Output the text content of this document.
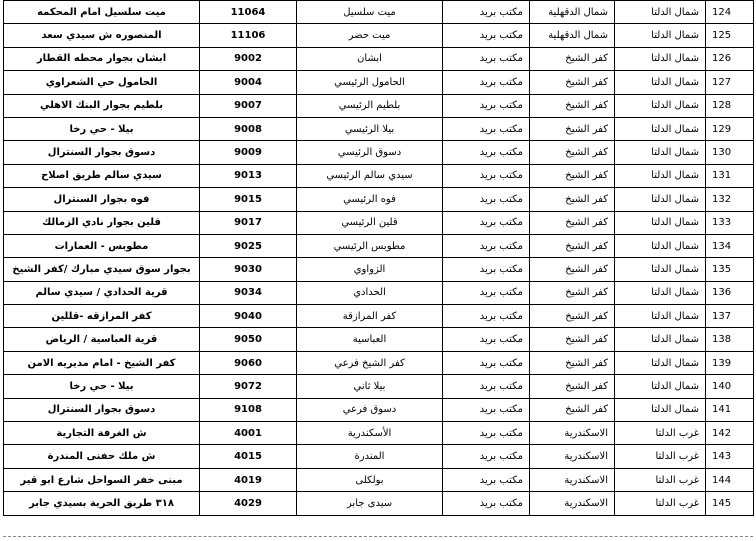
124	شمال الدلتا	شمال الدقهلية	مكتب بريد	ميت سلسيل	11064	ميت سلسيل امام المحكمه
125	شمال الدلتا	شمال الدقهلية	مكتب بريد	ميت حضر	11106	المنصوره ش سيدي سعد
126	شمال الدلتا	كفر الشيخ	مكتب بريد	ابشان	9002	ابشان بجوار محطه القطار
127	شمال الدلتا	كفر الشيخ	مكتب بريد	الحامول الرئيسي	9004	الحامول حي الشعراوي
128	شمال الدلتا	كفر الشيخ	مكتب بريد	بلطيم الرئيسي	9007	بلطيم بجوار البنك الاهلي
129	شمال الدلتا	كفر الشيخ	مكتب بريد	بيلا الرئيسي	9008	بيلا - حي رخا
130	شمال الدلتا	كفر الشيخ	مكتب بريد	دسوق الرئيسي	9009	دسوق بجوار السنترال
131	شمال الدلتا	كفر الشيخ	مكتب بريد	سيدي سالم الرئيسي	9013	سيدي سالم طريق اصلاح
132	شمال الدلتا	كفر الشيخ	مكتب بريد	فوه الرئيسي	9015	فوه بجوار السنترال
133	شمال الدلتا	كفر الشيخ	مكتب بريد	قلين الرئيسي	9017	قلين بجوار نادي الزمالك
134	شمال الدلتا	كفر الشيخ	مكتب بريد	مطوبس الرئيسي	9025	مطوبس - العمارات
135	شمال الدلتا	كفر الشيخ	مكتب بريد	الزواوي	9030	بجوار سوق سيدي مبارك /كفر الشيخ
136	شمال الدلتا	كفر الشيخ	مكتب بريد	الحدادي	9034	قرية الحدادي / سيدي سالم
137	شمال الدلتا	كفر الشيخ	مكتب بريد	كفر المرازقة	9040	كفر المرازقه -قللين
138	شمال الدلتا	كفر الشيخ	مكتب بريد	العباسية	9050	قرية العباسية / الرياض
139	شمال الدلتا	كفر الشيخ	مكتب بريد	كفر الشيخ فرعي	9060	كفر الشيخ - امام مديريه الامن
140	شمال الدلتا	كفر الشيخ	مكتب بريد	بيلا ثاني	9072	بيلا - حي رخا
141	شمال الدلتا	كفر الشيخ	مكتب بريد	دسوق فرعي	9108	دسوق بجوار السنترال
142	غرب الدلتا	الاسكندرية	مكتب بريد	الأسكندرية	4001	ش الغرفة التجارية
143	غرب الدلتا	الاسكندرية	مكتب بريد	المندرة	4015	ش ملك حفنى المندرة
144	غرب الدلتا	الاسكندرية	مكتب بريد	بولكلى	4019	مبنى خفر السواحل شارع ابو قير
145	غرب الدلتا	الاسكندرية	مكتب بريد	سيدى جابر	4029	٣١٨ طريق الحرية بسيدي جابر
